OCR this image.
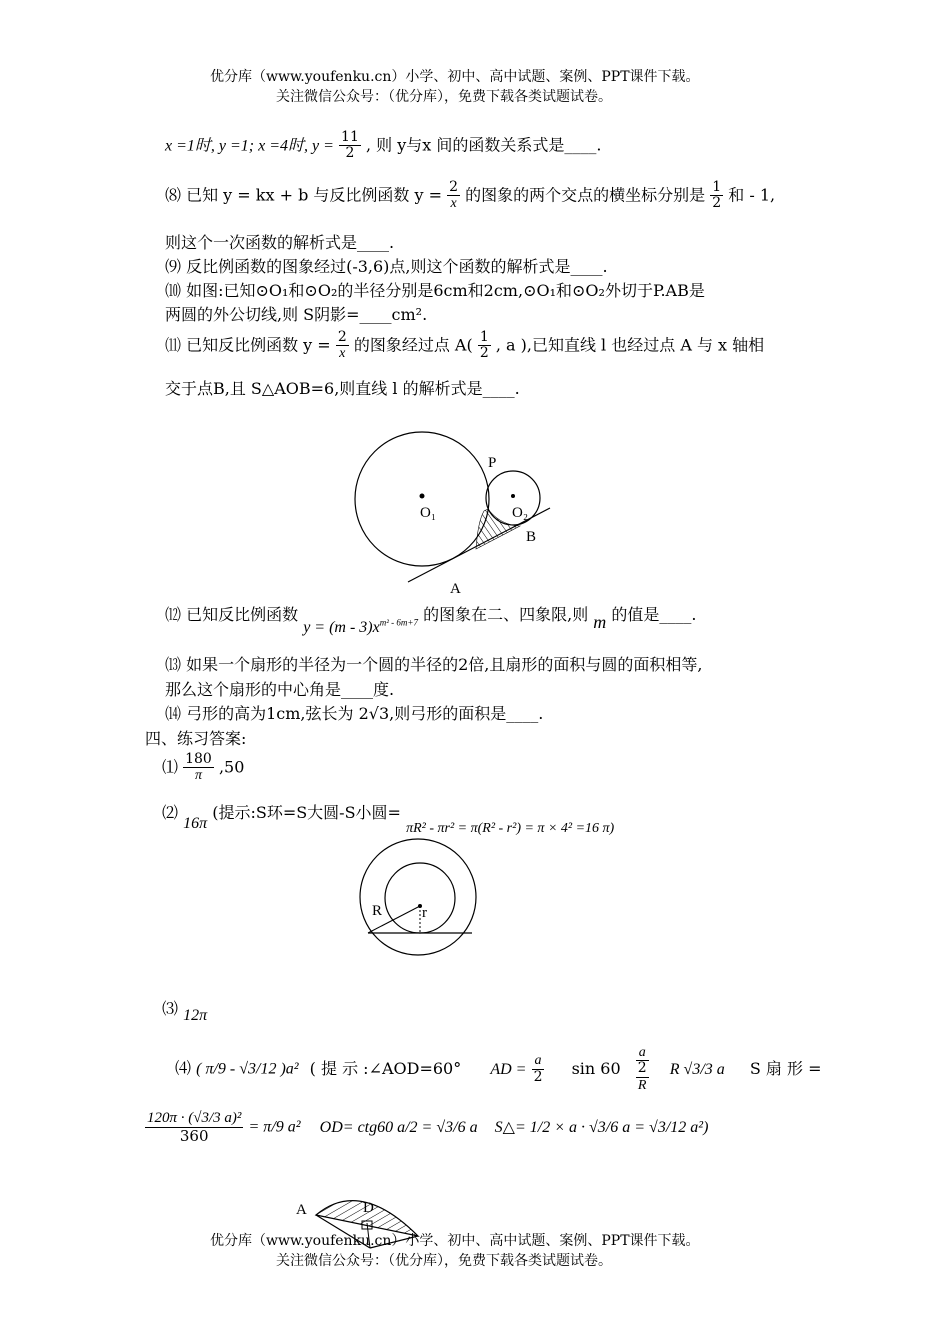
优分库（www.youfenku.cn）小学、初中、高中试题、案例、PPT课件下载。
关注微信公众号：（优分库），免费下载各类试题试卷。
x =1时, y =1; x =4时, $y = \frac{11}{2}$ , 则 y与x 间的函数关系式是____.
⑻ 已知 y = kx + b 与反比例函数 $y = \frac{2}{x}$ 的图象的两个交点的横坐标分别是 $\frac{1}{2}$ 和 - 1,
则这个一次函数的解析式是____.
⑼ 反比例函数的图象经过(-3,6)点,则这个函数的解析式是____.
⑽ 如图:已知⊙O₁和⊙O₂的半径分别是6cm和2cm,⊙O₁和⊙O₂外切于P.AB是
两圆的外公切线,则 S阴影=____cm².
⑾ 已知反比例函数 $y = \frac{2}{x}$ 的图象经过点 $A( \frac{1}{2}$ , a ),已知直线 l 也经过点 A 与 x 轴相
交于点B,且 S△AOB=6,则直线 l 的解析式是____.
P
O₁	O₂
B
A
⑿ 已知反比例函数 $y = (m - 3)x^{m^2 - 6m+7}$ 的图象在二、四象限,则 m 的值是____.
⒀ 如果一个扇形的半径为一个圆的半径的2倍,且扇形的面积与圆的面积相等,
那么这个扇形的中心角是____度.
⒁ 弓形的高为1cm,弦长为 2√3,则弓形的面积是____.
四、练习答案:
⑴ $\frac{180}{\pi} ,50$
⑵ 16π (提示:S环=S大圆-S小圆= πR² - πr² = π(R² - r²) = π × 4² =16 π)
R	r
⑶ 12π
⑷ ( π/9 - √3/12 )a² ( 提 示 :∠AOD=60° AD = $\frac{a}{2}$ sin 60
a
2
R
R √3/3 a S 扇 形 =
$\frac{\text{120π · (√3/3 a)²}}{360} = \pi/9$ a² OD= ctg60 a/2 = √3/6 a S△= 1/2 × a · √3/6 a = √3/12 a²)
A	D
优分库（www.youfenku.cn）小学、初中、高中试题、案例、PPT课件下载。
关注微信公众号：（优分库），免费下载各类试题试卷。
